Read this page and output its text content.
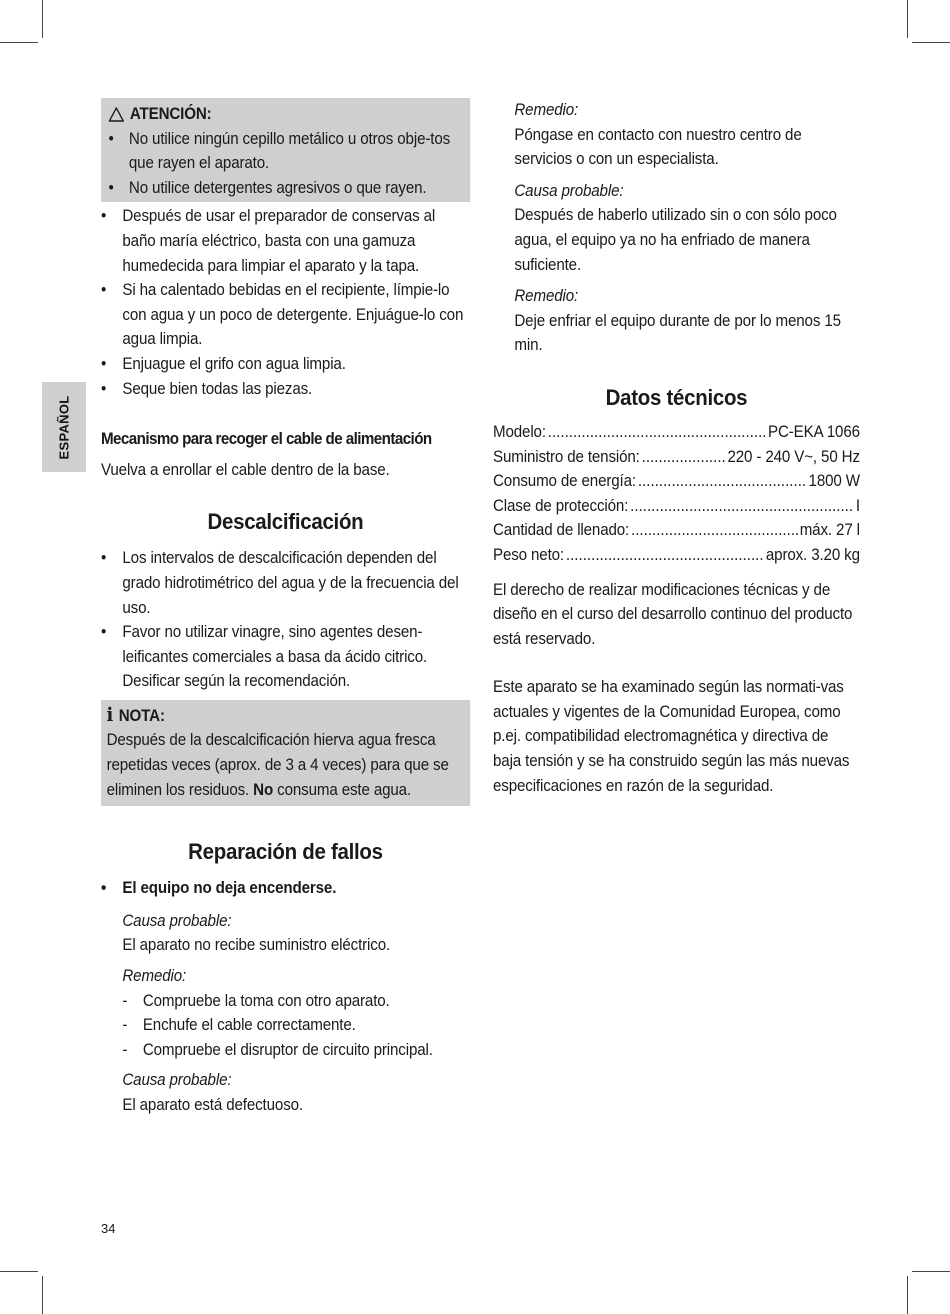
ESPAÑOL
ATENCIÓN:
• No utilice ningún cepillo metálico u otros obje-tos que rayen el aparato.
• No utilice detergentes agresivos o que rayen.
• Después de usar el preparador de conservas al baño maría eléctrico, basta con una gamuza humedecida para limpiar el aparato y la tapa.
• Si ha calentado bebidas en el recipiente, límpie-lo con agua y un poco de detergente. Enjuágue-lo con agua limpia.
• Enjuague el grifo con agua limpia.
• Seque bien todas las piezas.
Mecanismo para recoger el cable de alimentación
Vuelva a enrollar el cable dentro de la base.
Descalcificación
• Los intervalos de descalcificación dependen del grado hidrotimétrico del agua y de la frecuencia del uso.
• Favor no utilizar vinagre, sino agentes desen-leificantes comerciales a basa da ácido citrico. Desificar según la recomendación.
ℹ NOTA:
Después de la descalcificación hierva agua fresca repetidas veces (aprox. de 3 a 4 veces) para que se eliminen los residuos. No consuma este agua.
Reparación de fallos
• El equipo no deja encenderse.
Causa probable:
El aparato no recibe suministro eléctrico.
Remedio:
- Compruebe la toma con otro aparato.
- Enchufe el cable correctamente.
- Compruebe el disruptor de circuito principal.
Causa probable:
El aparato está defectuoso.
Remedio:
Póngase en contacto con nuestro centro de servicios o con un especialista.
Causa probable:
Después de haberlo utilizado sin o con sólo poco agua, el equipo ya no ha enfriado de manera suficiente.
Remedio:
Deje enfriar el equipo durante de por lo menos 15 min.
Datos técnicos
Modelo: .....	PC-EKA 1066
Suministro de tensión: .....	220 - 240 V~, 50 Hz
Consumo de energía: .....	1800 W
Clase de protección: .....	I
Cantidad de llenado: .....	máx. 27 l
Peso neto: .....	aprox. 3.20 kg
El derecho de realizar modificaciones técnicas y de diseño en el curso del desarrollo continuo del producto está reservado.
Este aparato se ha examinado según las normati-vas actuales y vigentes de la Comunidad Europea, como p.ej. compatibilidad electromagnética y directiva de baja tensión y se ha construido según las más nuevas especificaciones en razón de la seguridad.
34
